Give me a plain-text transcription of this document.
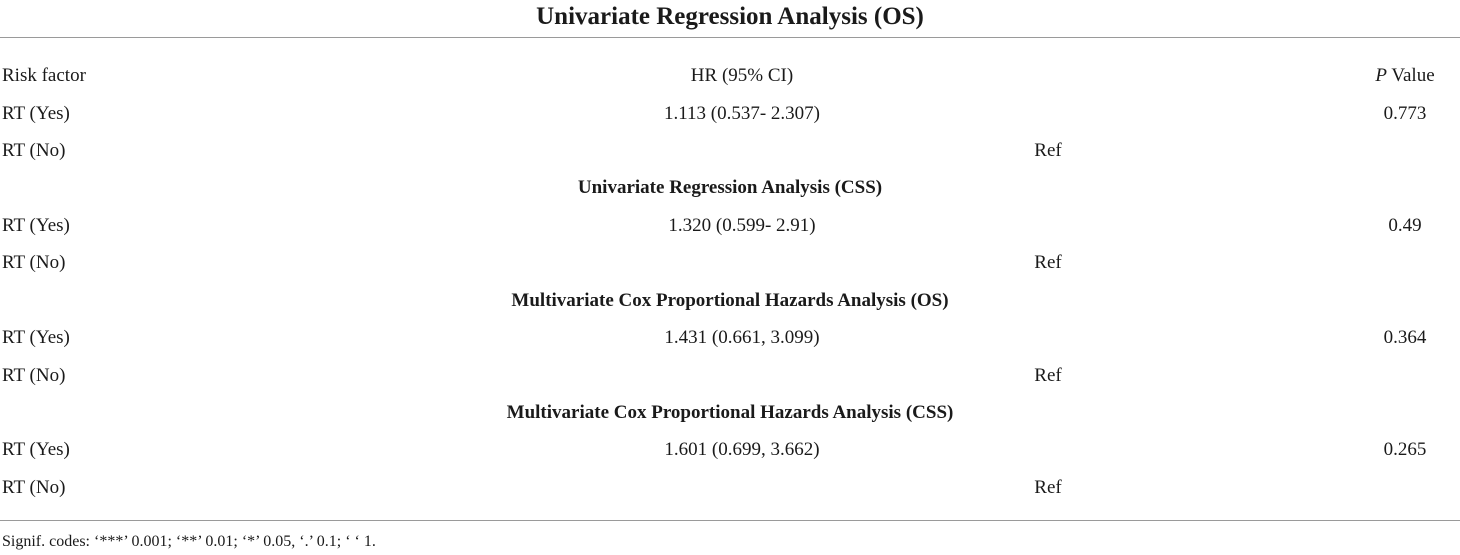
Univariate Regression Analysis (OS)
Risk factor	HR (95% CI)	P Value
RT (Yes)	1.113 (0.537- 2.307)	0.773
RT (No)	Ref
Univariate Regression Analysis (CSS)
RT (Yes)	1.320 (0.599- 2.91)	0.49
RT (No)	Ref
Multivariate Cox Proportional Hazards Analysis (OS)
RT (Yes)	1.431 (0.661, 3.099)	0.364
RT (No)	Ref
Multivariate Cox Proportional Hazards Analysis (CSS)
RT (Yes)	1.601 (0.699, 3.662)	0.265
RT (No)	Ref
Signif. codes: ‘***’ 0.001; ‘**’ 0.01; ‘*’ 0.05, ‘.’ 0.1; ‘ ‘ 1.
